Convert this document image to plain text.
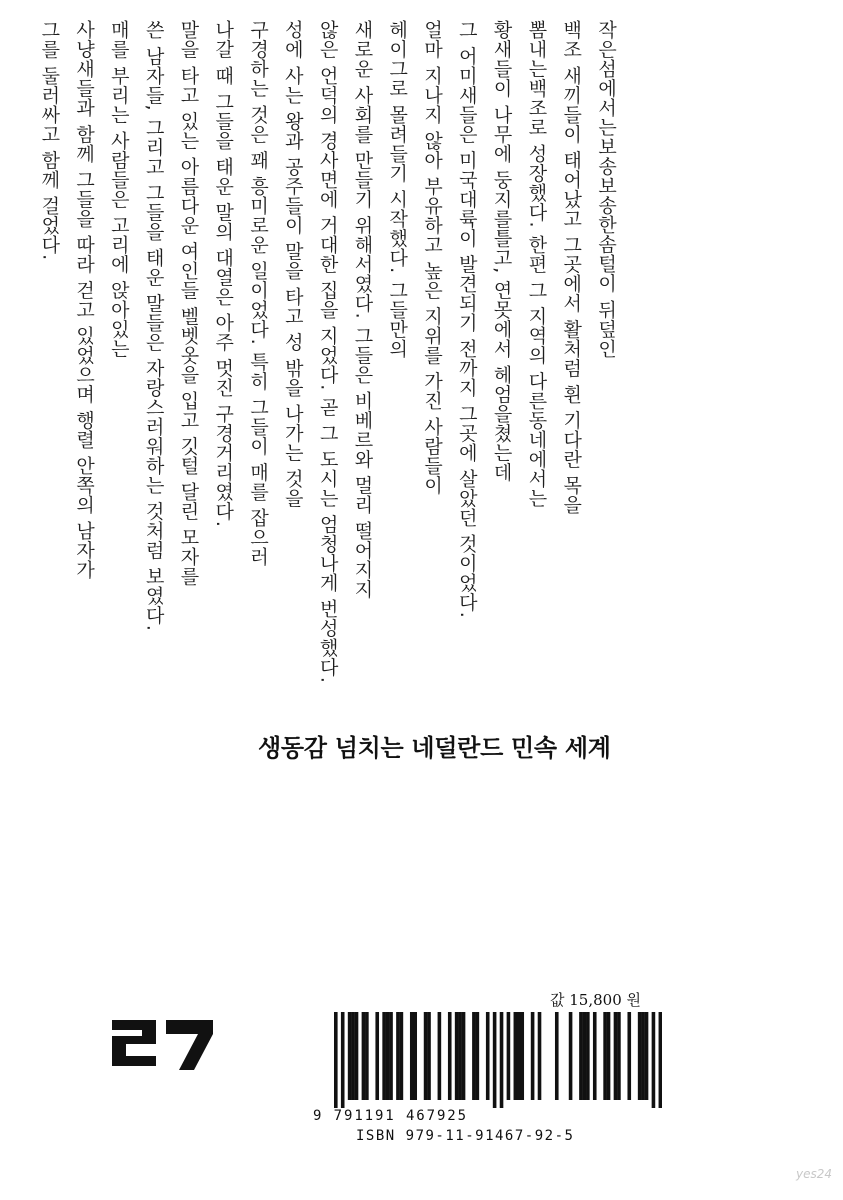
작은섬에서는보송보송한솜털이 뒤덮인
백조 새끼들이 태어났고 그곳에서 활처럼 휜 기다란 목을
뽐내는백조로 성장했다. 한편 그 지역의 다른동네에서는
황새들이 나무에 둥지를틀고, 연못에서 헤엄을쳤는데
그 어미새들은 미국대륙이 발견되기 전까지 그곳에 살았던 것이었다.
얼마 지나지 않아 부유하고 높은 지위를 가진 사람들이
헤이그로 몰려들기 시작했다. 그들만의
새로운 사회를 만들기 위해서였다. 그들은 비베르와 멀리 떨어지지
않은 언덕의 경사면에 거대한 집을 지었다. 곧 그 도시는 엄청나게 번성했다.
성에 사는 왕과 공주들이 말을 타고 성 밖을 나가는 것을
구경하는 것은 꽤 흥미로운 일이었다. 특히 그들이 매를 잡으러
나갈 때 그들을 태운 말의 대열은 아주 멋진 구경거리였다.
말을 타고 있는 아름다운 여인들 벨벳옷을 입고 깃털 달린 모자를
쓴 남자들, 그리고 그들을 태운 말들은 자랑스러워하는 것처럼 보였다.
매를 부리는 사람들은 고리에 앉아있는
사냥새들과 함께 그들을 따라 걷고 있었으며 행렬 안쪽의 남자가
그를 둘러싸고 함께 걸었다.
생동감 넘치는 네덜란드 민속 세계
값 15,800 원
9 791191 467925
ISBN 979-11-91467-92-5
yes24
